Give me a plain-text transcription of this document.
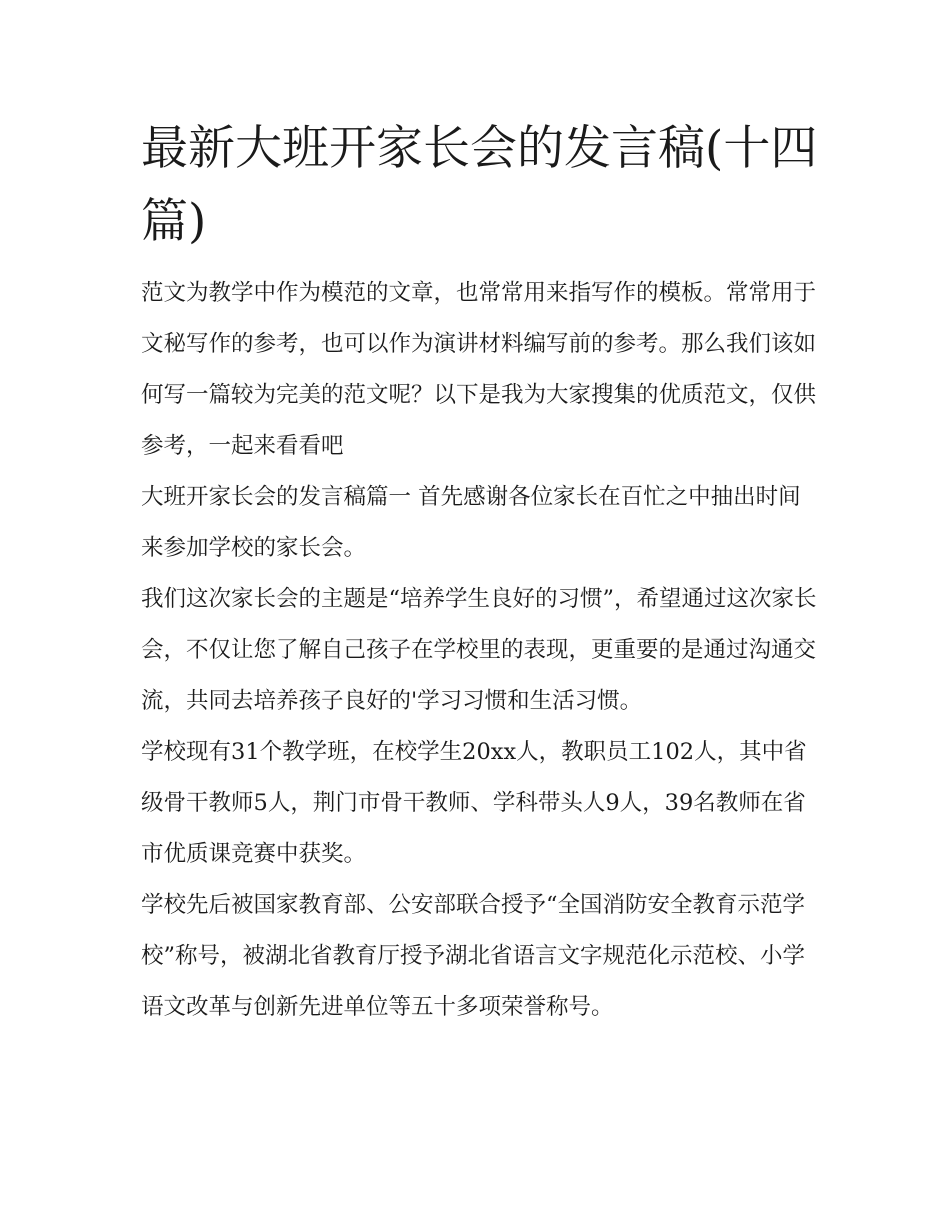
最新大班开家长会的发言稿(十四篇)

范文为教学中作为模范的文章，也常常用来指写作的模板。常常用于文秘写作的参考，也可以作为演讲材料编写前的参考。那么我们该如何写一篇较为完美的范文呢？以下是我为大家搜集的优质范文，仅供参考，一起来看看吧

大班开家长会的发言稿篇一 首先感谢各位家长在百忙之中抽出时间来参加学校的家长会。

我们这次家长会的主题是“培养学生良好的习惯”，希望通过这次家长会，不仅让您了解自己孩子在学校里的表现，更重要的是通过沟通交流，共同去培养孩子良好的'学习习惯和生活习惯。

学校现有31个教学班，在校学生20xx人，教职员工102人，其中省级骨干教师5人，荆门市骨干教师、学科带头人9人，39名教师在省市优质课竞赛中获奖。

学校先后被国家教育部、公安部联合授予“全国消防安全教育示范学校”称号，被湖北省教育厅授予湖北省语言文字规范化示范校、小学语文改革与创新先进单位等五十多项荣誉称号。
